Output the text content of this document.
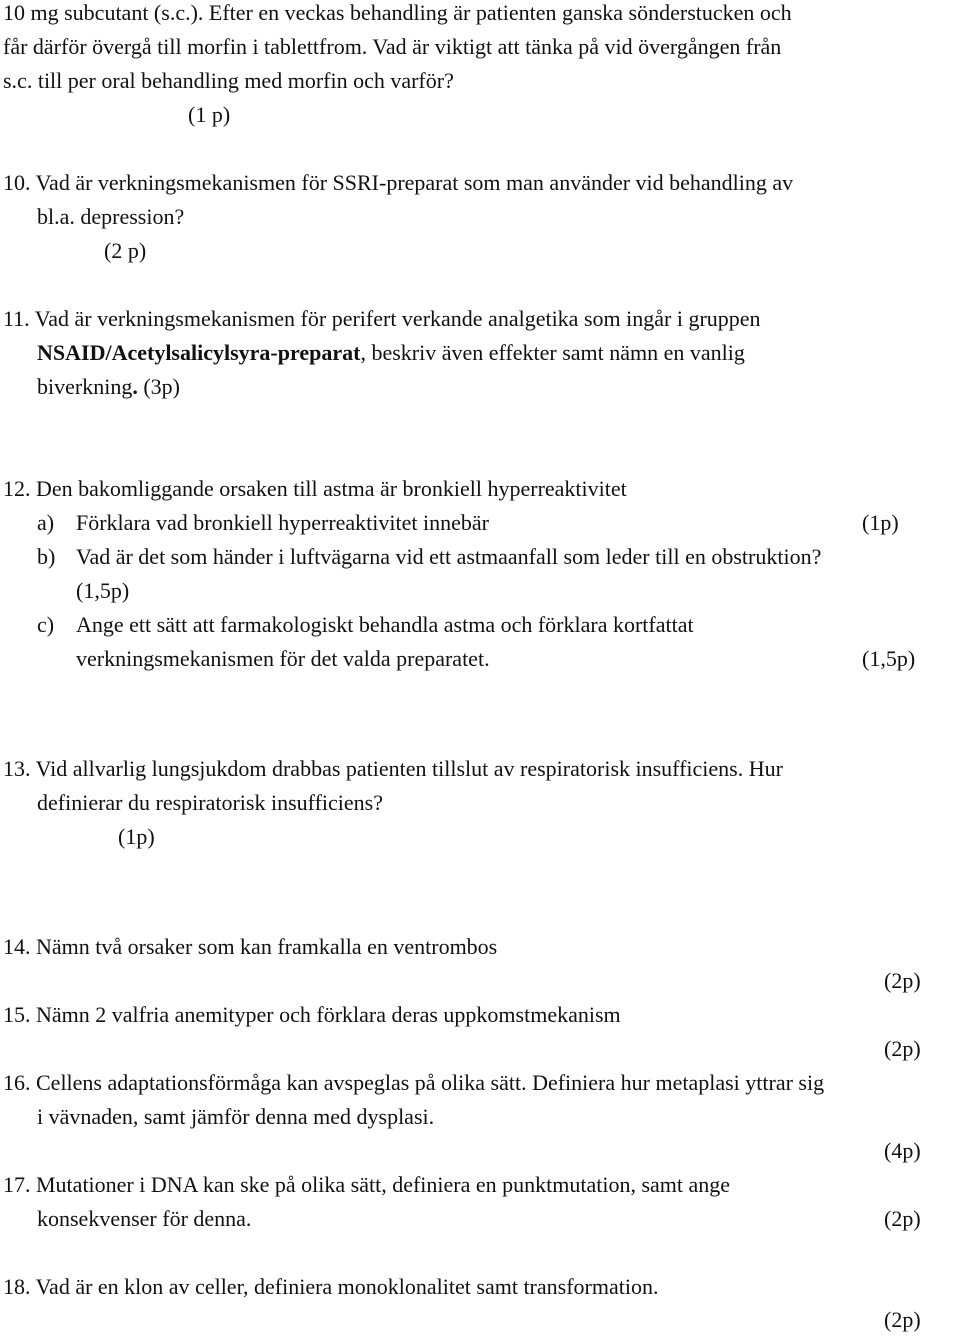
10 mg subcutant (s.c.). Efter en veckas behandling är patienten ganska sönderstucken och
får därför övergå till morfin i tablettfrom. Vad är viktigt att tänka på vid övergången från
s.c. till per oral behandling med morfin och varför?
(1 p)
10. Vad är verkningsmekanismen för SSRI-preparat som man använder vid behandling av
bl.a. depression?
(2 p)
11. Vad är verkningsmekanismen för perifert verkande analgetika som ingår i gruppen
NSAID/Acetylsalicylsyra-preparat, beskriv även effekter samt nämn en vanlig
biverkning. (3p)
12. Den bakomliggande orsaken till astma är bronkiell hyperreaktivitet
a) Förklara vad bronkiell hyperreaktivitet innebär	(1p)
b) Vad är det som händer i luftvägarna vid ett astmaanfall som leder till en obstruktion?
(1,5p)
c) Ange ett sätt att farmakologiskt behandla astma och förklara kortfattat
verkningsmekanismen för det valda preparatet.	(1,5p)
13. Vid allvarlig lungsjukdom drabbas patienten tillslut av respiratorisk insufficiens. Hur
definierar du respiratorisk insufficiens?
(1p)
14. Nämn två orsaker som kan framkalla en ventrombos
(2p)
15. Nämn 2 valfria anemityper och förklara deras uppkomstmekanism
(2p)
16. Cellens adaptationsförmåga kan avspeglas på olika sätt. Definiera hur metaplasi yttrar sig
i vävnaden, samt jämför denna med dysplasi.
(4p)
17. Mutationer i DNA kan ske på olika sätt, definiera en punktmutation, samt ange
konsekvenser för denna.	(2p)
18. Vad är en klon av celler, definiera monoklonalitet samt transformation.
(2p)
